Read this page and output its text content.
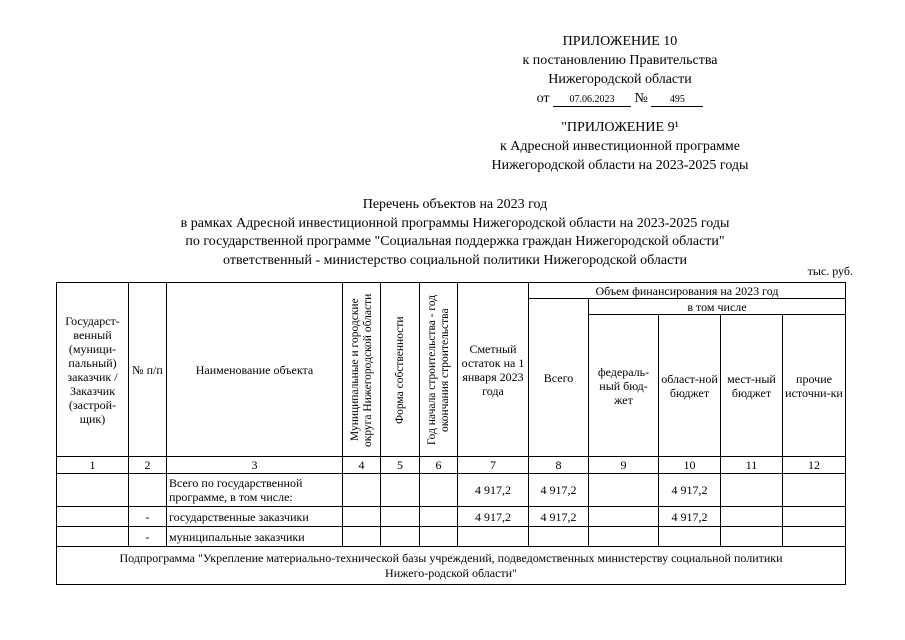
ПРИЛОЖЕНИЕ 10
к постановлению Правительства
Нижегородской области
от 07.06.2023 № 495
"ПРИЛОЖЕНИЕ 9¹
к Адресной инвестиционной программе
Нижегородской области на 2023-2025 годы
Перечень объектов на 2023 год
в рамках Адресной инвестиционной программы Нижегородской области на 2023-2025 годы
по государственной программе "Социальная поддержка граждан Нижегородской области"
ответственный - министерство социальной политики Нижегородской области
тыс. руб.
Государст-венный (муници-пальный) заказчик / Заказчик (застрой-щик)	№ п/п	Наименование объекта	Муниципальные и городские округа Нижегородской области	Форма собственности	Год начала строительства - год окончания строительства	Сметный остаток на 1 января 2023 года	Объем финансирования на 2023 год				
							Всего	в том числе			
								федераль-ный бюд-жет	област-ной бюджет	мест-ный бюджет	прочие источни-ки
1	2	3	4	5	6	7	8	9	10	11	12
		Всего по государственной программе, в том числе:				4 917,2	4 917,2		4 917,2		
	-	государственные заказчики				4 917,2	4 917,2		4 917,2		
	-	муниципальные заказчики									
Подпрограмма "Укрепление материально-технической базы учреждений, подведомственных министерству социальной политики Нижего-родской области"											
